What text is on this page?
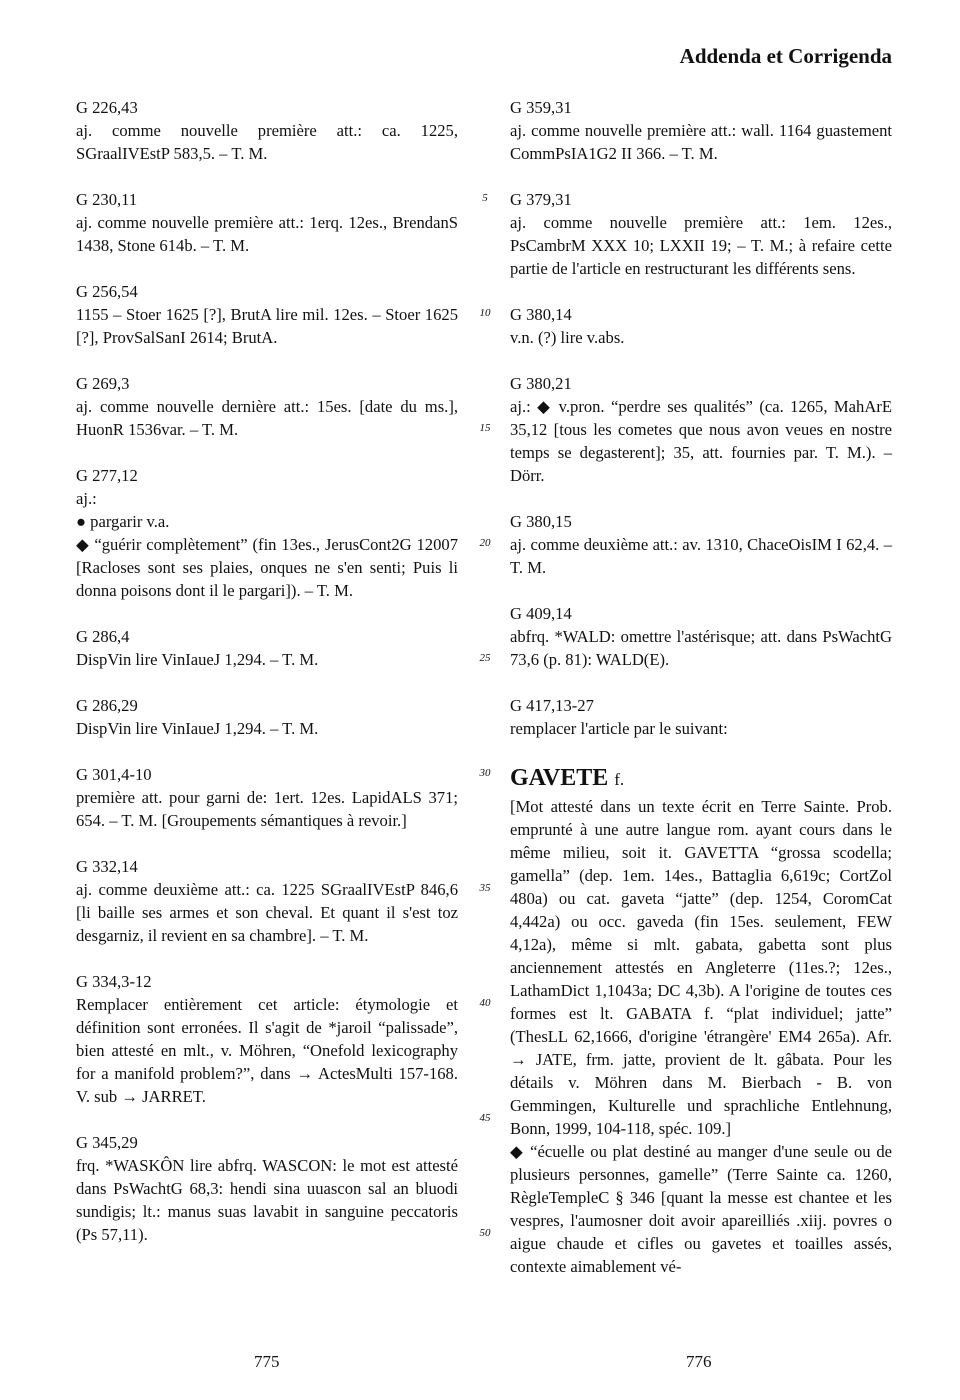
Addenda et Corrigenda

G 226,43

aj. comme nouvelle première att.: ca. 1225, SGraalIVEstP 583,5. – T. M.

G 230,11

aj. comme nouvelle première att.: 1erq. 12es., BrendanS 1438, Stone 614b. – T. M.

G 256,54

1155 – Stoer 1625 [?], BrutA lire mil. 12es. – Stoer 1625 [?], ProvSalSanI 2614; BrutA.

G 269,3

aj. comme nouvelle dernière att.: 15es. [date du ms.], HuonR 1536var. – T. M.

G 277,12

aj.:

● pargarir v.a.

◆ “guérir complètement” (fin 13es., JerusCont2G 12007 [Racloses sont ses plaies, onques ne s'en senti; Puis li donna poisons dont il le pargari]). – T. M.

G 286,4

DispVin lire VinIaueJ 1,294. – T. M.

G 286,29

DispVin lire VinIaueJ 1,294. – T. M.

G 301,4-10

première att. pour garni de: 1ert. 12es. LapidALS 371; 654. – T. M. [Groupements sémantiques à revoir.]

G 332,14

aj. comme deuxième att.: ca. 1225 SGraalIVEstP 846,6 [li baille ses armes et son cheval. Et quant il s'est toz desgarniz, il revient en sa chambre]. – T. M.

G 334,3-12

Remplacer entièrement cet article: étymologie et définition sont erronées. Il s'agit de *jaroil “palissade”, bien attesté en mlt., v. Möhren, “Onefold lexicography for a manifold problem?”, dans → ActesMulti 157-168. V. sub → JARRET.

G 345,29

frq. *WASKÔN lire abfrq. WASCON: le mot est attesté dans PsWachtG 68,3: hendi sina uuascon sal an bluodi sundigis; lt.: manus suas lavabit in sanguine peccatoris (Ps 57,11).

G 359,31

aj. comme nouvelle première att.: wall. 1164 guastement CommPsIA1G2 II 366. – T. M.

G 379,31

aj. comme nouvelle première att.: 1em. 12es., PsCambrM XXX 10; LXXII 19; – T. M.; à refaire cette partie de l'article en restructurant les différents sens.

G 380,14

v.n. (?) lire v.abs.

G 380,21

aj.: ◆ v.pron. “perdre ses qualités” (ca. 1265, MahArE 35,12 [tous les cometes que nous avon veues en nostre temps se degasterent]; 35, att. fournies par. T. M.). – Dörr.

G 380,15

aj. comme deuxième att.: av. 1310, ChaceOisIM I 62,4. – T. M.

G 409,14

abfrq. *WALD: omettre l'astérisque; att. dans PsWachtG 73,6 (p. 81): WALD(E).

G 417,13-27

remplacer l'article par le suivant:

GAVETE f.

[Mot attesté dans un texte écrit en Terre Sainte. Prob. emprunté à une autre langue rom. ayant cours dans le même milieu, soit it. GAVETTA “grossa scodella; gamella” (dep. 1em. 14es., Battaglia 6,619c; CortZol 480a) ou cat. gaveta “jatte” (dep. 1254, CoromCat 4,442a) ou occ. gaveda (fin 15es. seulement, FEW 4,12a), même si mlt. gabata, gabetta sont plus anciennement attestés en Angleterre (11es.?; 12es., LathamDict 1,1043a; DC 4,3b). A l'origine de toutes ces formes est lt. GABATA f. “plat individuel; jatte” (ThesLL 62,1666, d'origine 'étrangère' EM4 265a). Afr. → JATE, frm. jatte, provient de lt. gâbata. Pour les détails v. Möhren dans M. Bierbach - B. von Gemmingen, Kulturelle und sprachliche Entlehnung, Bonn, 1999, 104-118, spéc. 109.]

◆ “écuelle ou plat destiné au manger d'une seule ou de plusieurs personnes, gamelle” (Terre Sainte ca. 1260, RègleTempleC § 346 [quant la messe est chantee et les vespres, l'aumosner doit avoir apareilliés .xiij. povres o aigue chaude et cifles ou gavetes et toailles assés, contexte aimablement vé-

5
10
15
20
25
30
35
40
45
50
775	776
